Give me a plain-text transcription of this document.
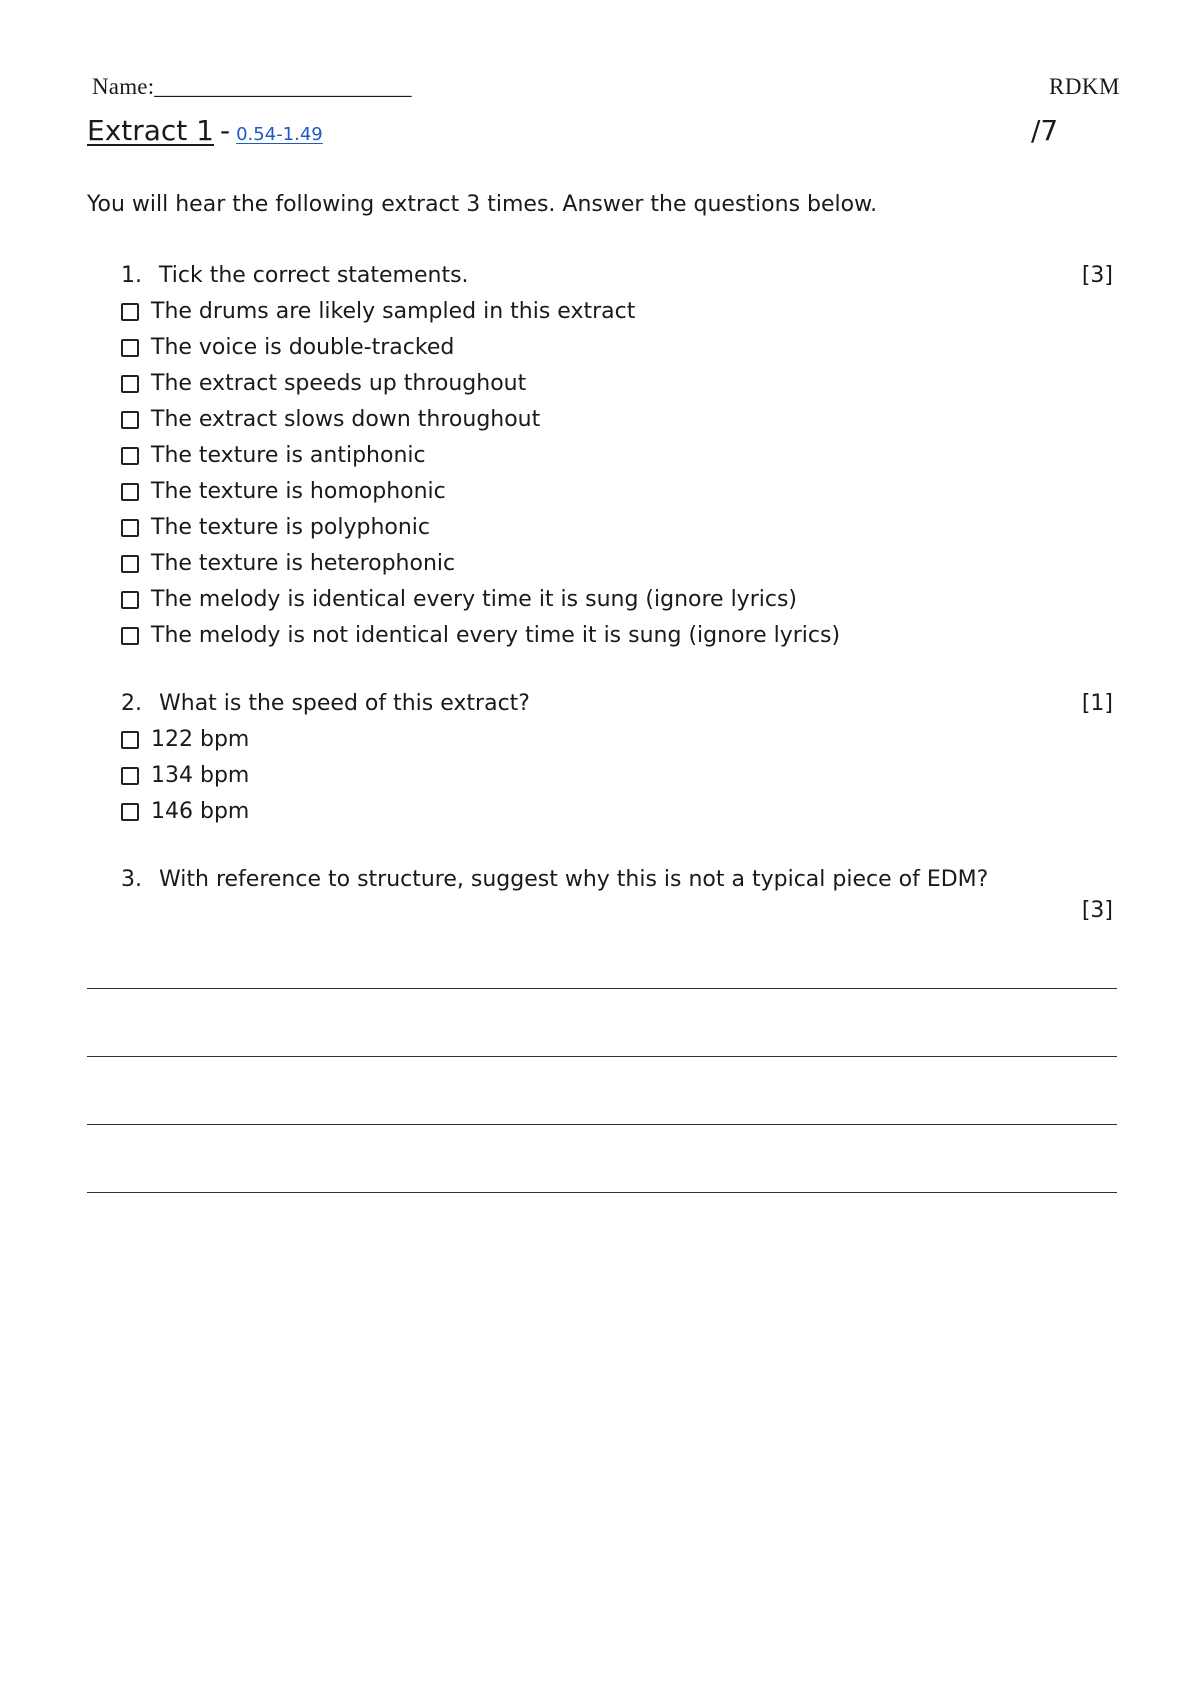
Name:______________________	RDKM
Extract 1 - 0.54-1.49	/7
You will hear the following extract 3 times. Answer the questions below.
1. Tick the correct statements.	[3]
The drums are likely sampled in this extract
The voice is double-tracked
The extract speeds up throughout
The extract slows down throughout
The texture is antiphonic
The texture is homophonic
The texture is polyphonic
The texture is heterophonic
The melody is identical every time it is sung (ignore lyrics)
The melody is not identical every time it is sung (ignore lyrics)
2. What is the speed of this extract?	[1]
122 bpm
134 bpm
146 bpm
3. With reference to structure, suggest why this is not a typical piece of EDM?
[3]
